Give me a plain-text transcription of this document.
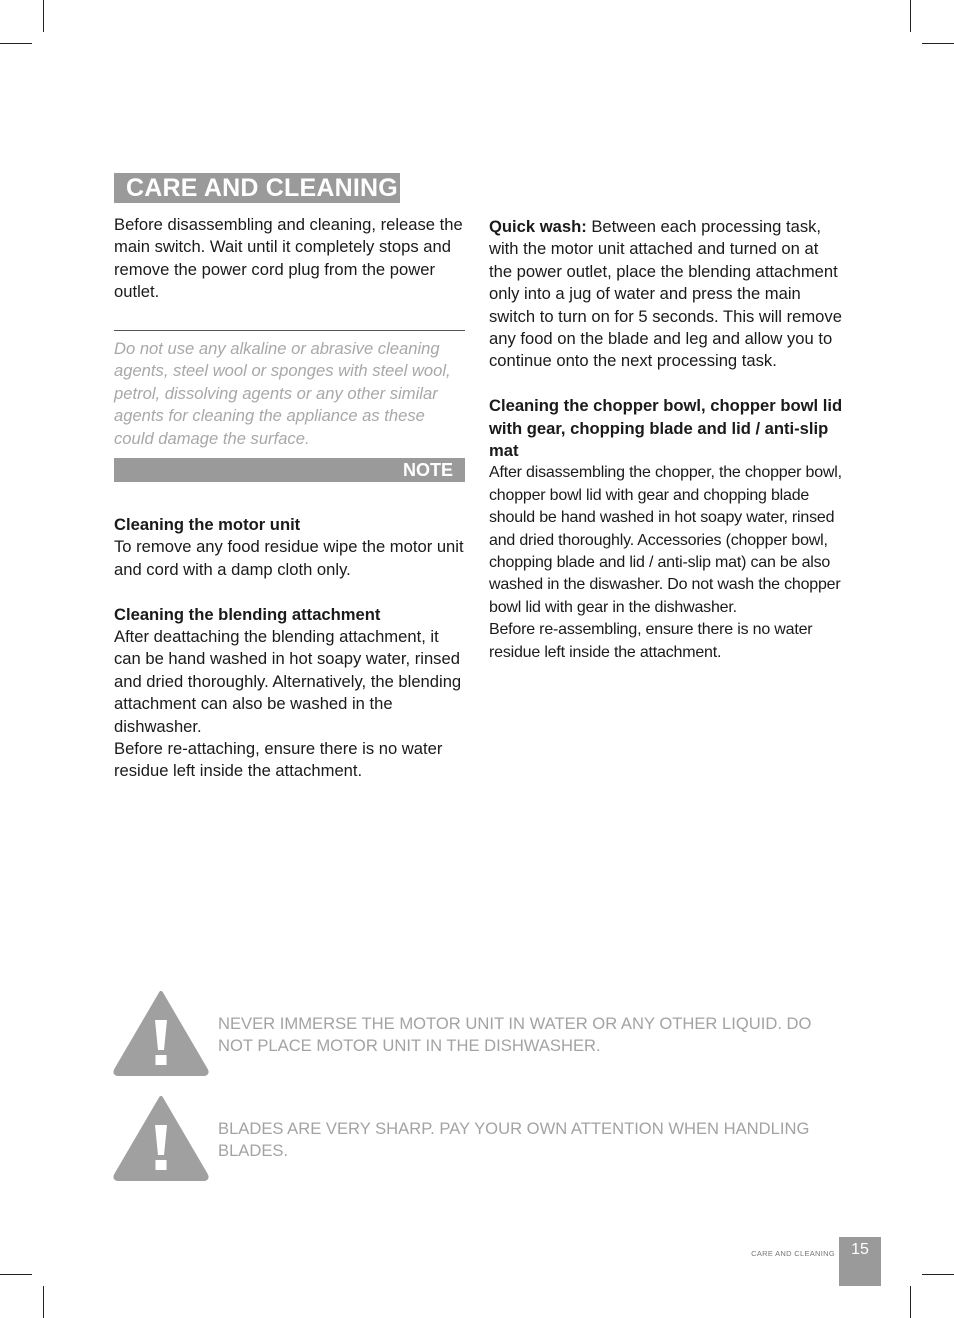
CARE AND CLEANING

Before disassembling and cleaning, release the main switch. Wait until it completely stops and remove the power cord plug from the power outlet.

Do not use any alkaline or abrasive cleaning agents, steel wool or sponges with steel wool, petrol, dissolving agents or any other similar agents for cleaning the appliance as these could damage the surface.
NOTE

Cleaning the motor unit

To remove any food residue wipe the motor unit and cord with a damp cloth only.

Cleaning the blending attachment

After deattaching the blending attachment, it can be hand washed in hot soapy water, rinsed and dried thoroughly. Alternatively, the blending attachment can also be washed in the dishwasher.

Before re-attaching, ensure there is no water residue left inside the attachment.

Quick wash: Between each processing task, with the motor unit attached and turned on at the power outlet, place the blending attachment only into a jug of water and press the main switch to turn on for 5 seconds. This will remove any food on the blade and leg and allow you to continue onto the next processing task.

Cleaning the chopper bowl, chopper bowl lid with gear, chopping blade and lid / anti-slip mat

After disassembling the chopper, the chopper bowl, chopper bowl lid with gear and chopping blade should be hand washed in hot soapy water, rinsed and dried thoroughly. Accessories (chopper bowl, chopping blade and lid / anti-slip mat) can be also washed in the diswasher. Do not wash the chopper bowl lid with gear in the dishwasher.

Before re-assembling, ensure there is no water residue left inside the attachment.

NEVER IMMERSE THE MOTOR UNIT IN WATER OR ANY OTHER LIQUID. DO NOT PLACE MOTOR UNIT IN THE DISHWASHER.
BLADES ARE VERY SHARP. PAY YOUR OWN ATTENTION WHEN HANDLING BLADES.
CARE AND CLEANING	15
